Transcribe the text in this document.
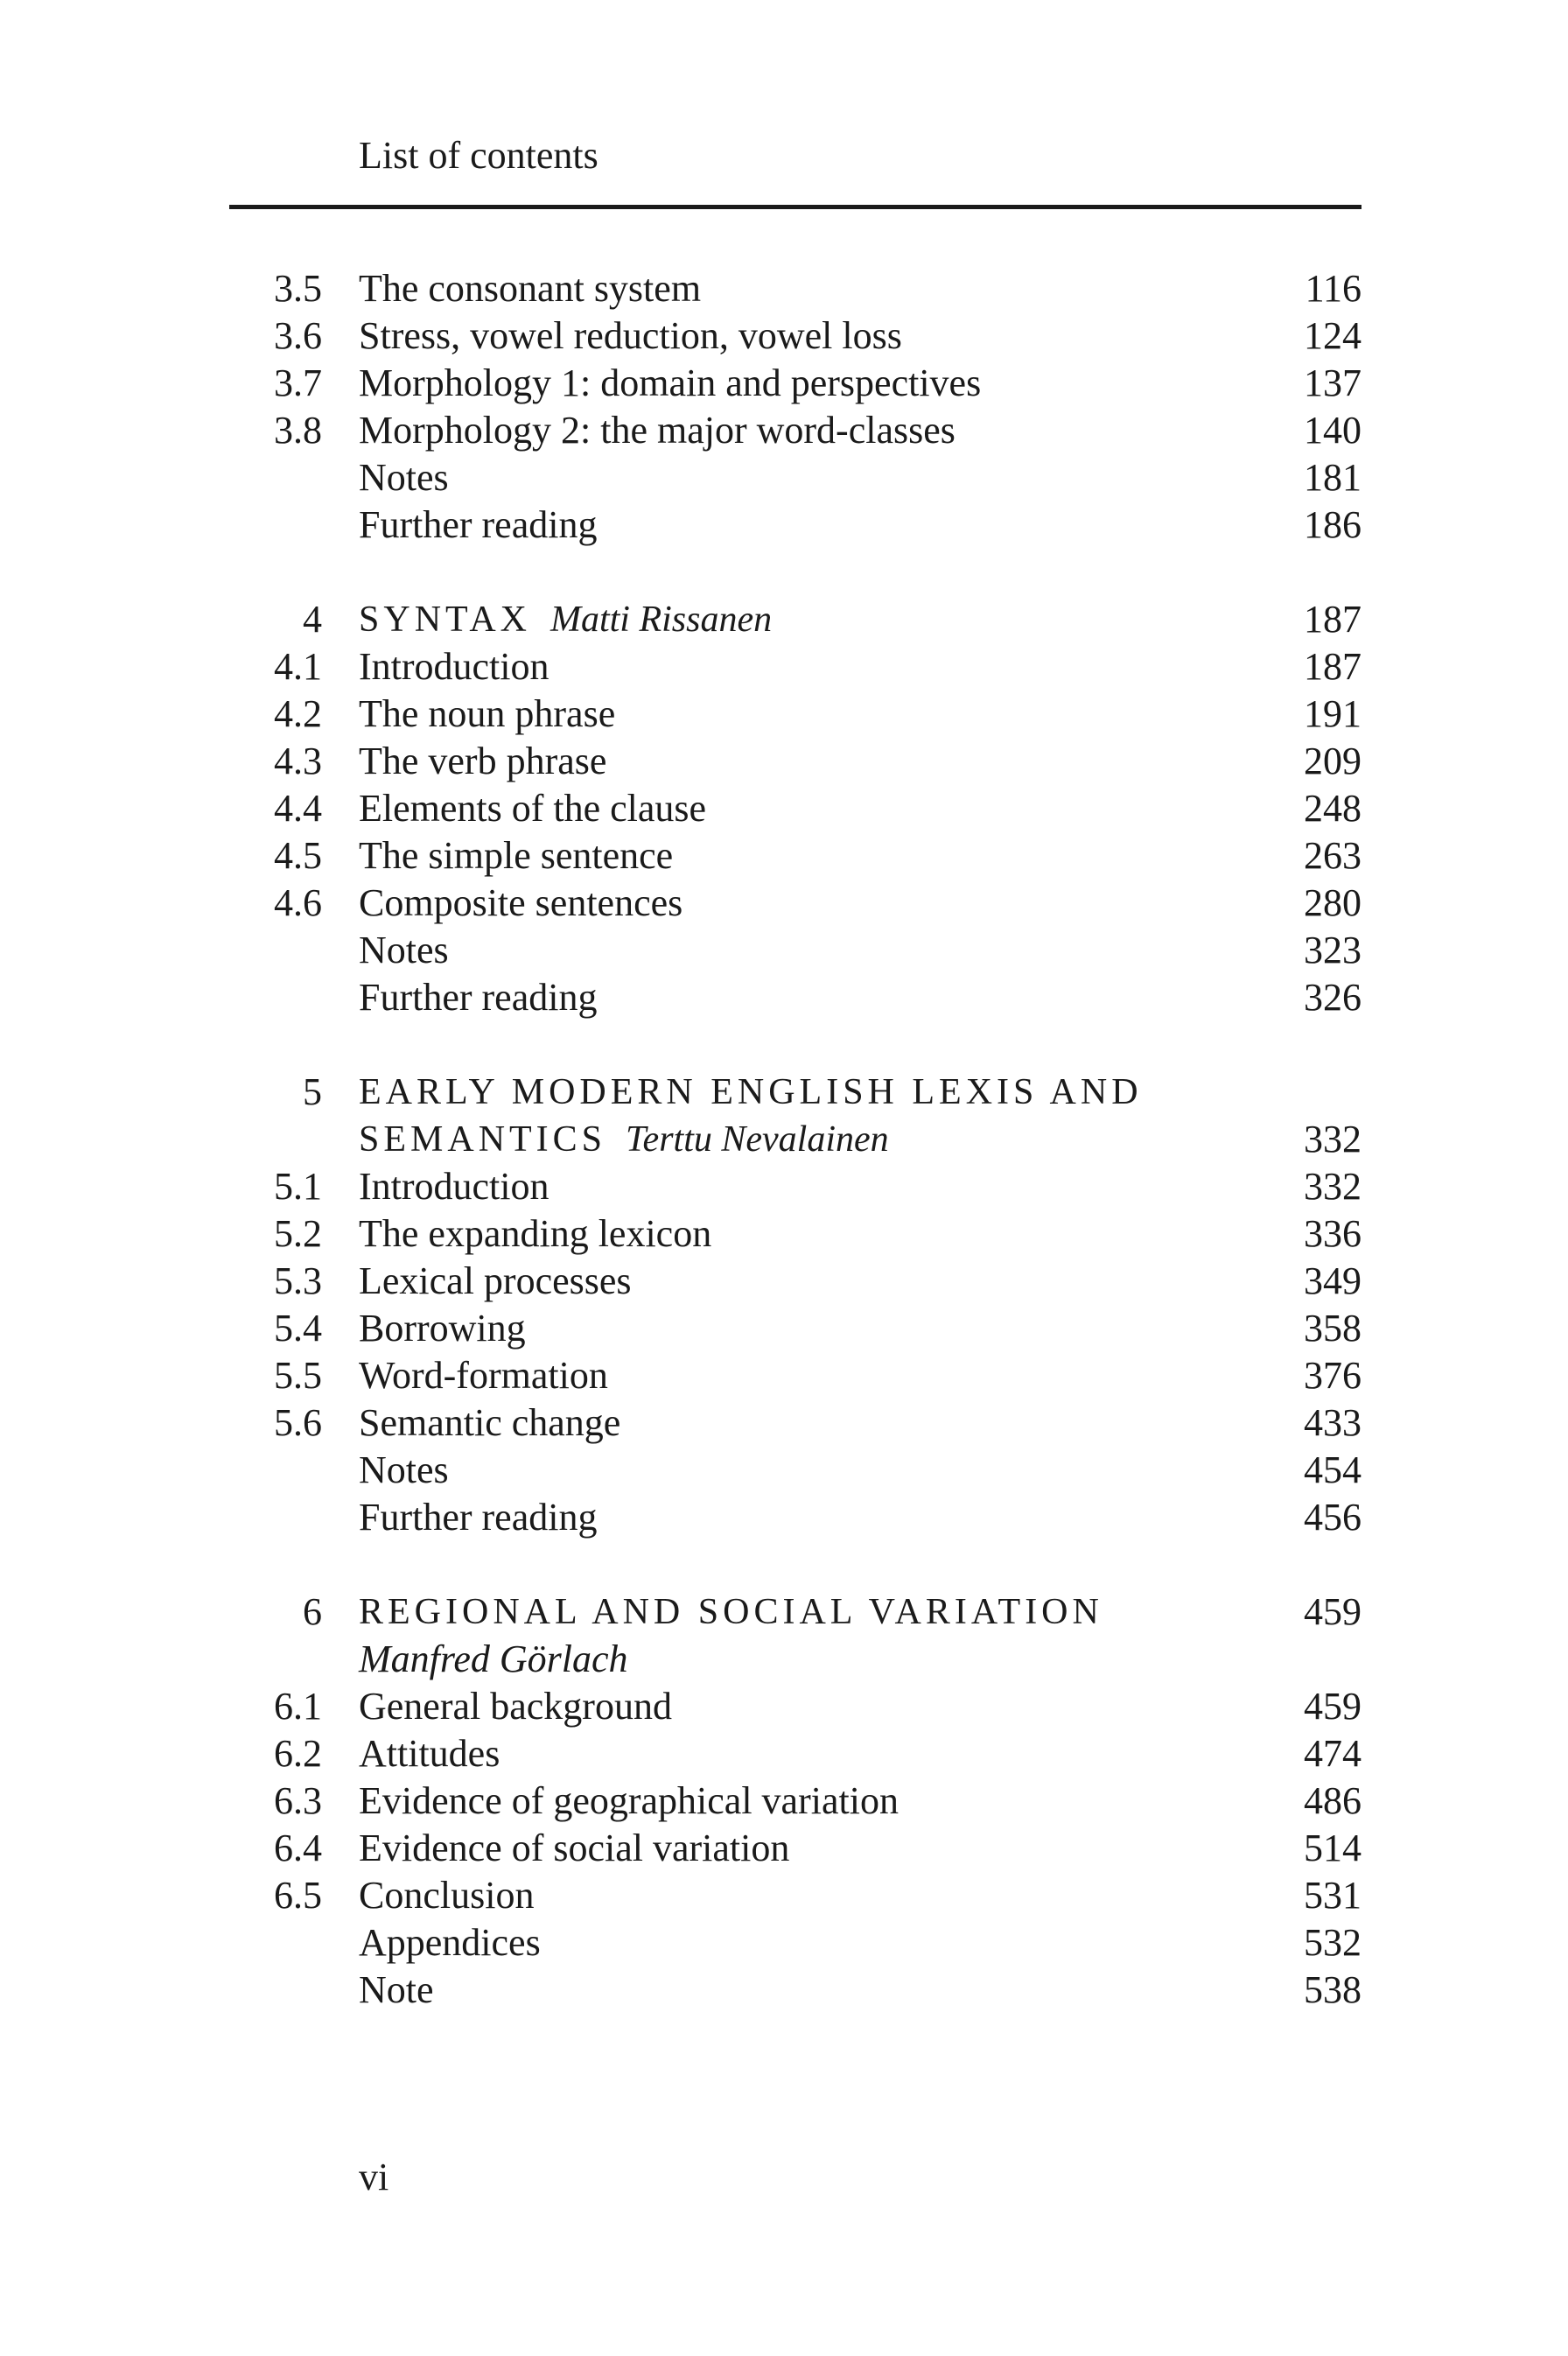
List of contents
3.5 The consonant system	116
3.6 Stress, vowel reduction, vowel loss	124
3.7 Morphology 1: domain and perspectives	137
3.8 Morphology 2: the major word-classes	140
Notes	181
Further reading	186
4 SYNTAX Matti Rissanen	187
4.1 Introduction	187
4.2 The noun phrase	191
4.3 The verb phrase	209
4.4 Elements of the clause	248
4.5 The simple sentence	263
4.6 Composite sentences	280
Notes	323
Further reading	326
5 EARLY MODERN ENGLISH LEXIS AND
SEMANTICS Terttu Nevalainen	332
5.1 Introduction	332
5.2 The expanding lexicon	336
5.3 Lexical processes	349
5.4 Borrowing	358
5.5 Word-formation	376
5.6 Semantic change	433
Notes	454
Further reading	456
6 REGIONAL AND SOCIAL VARIATION	459
Manfred Görlach
6.1 General background	459
6.2 Attitudes	474
6.3 Evidence of geographical variation	486
6.4 Evidence of social variation	514
6.5 Conclusion	531
Appendices	532
Note	538
vi
